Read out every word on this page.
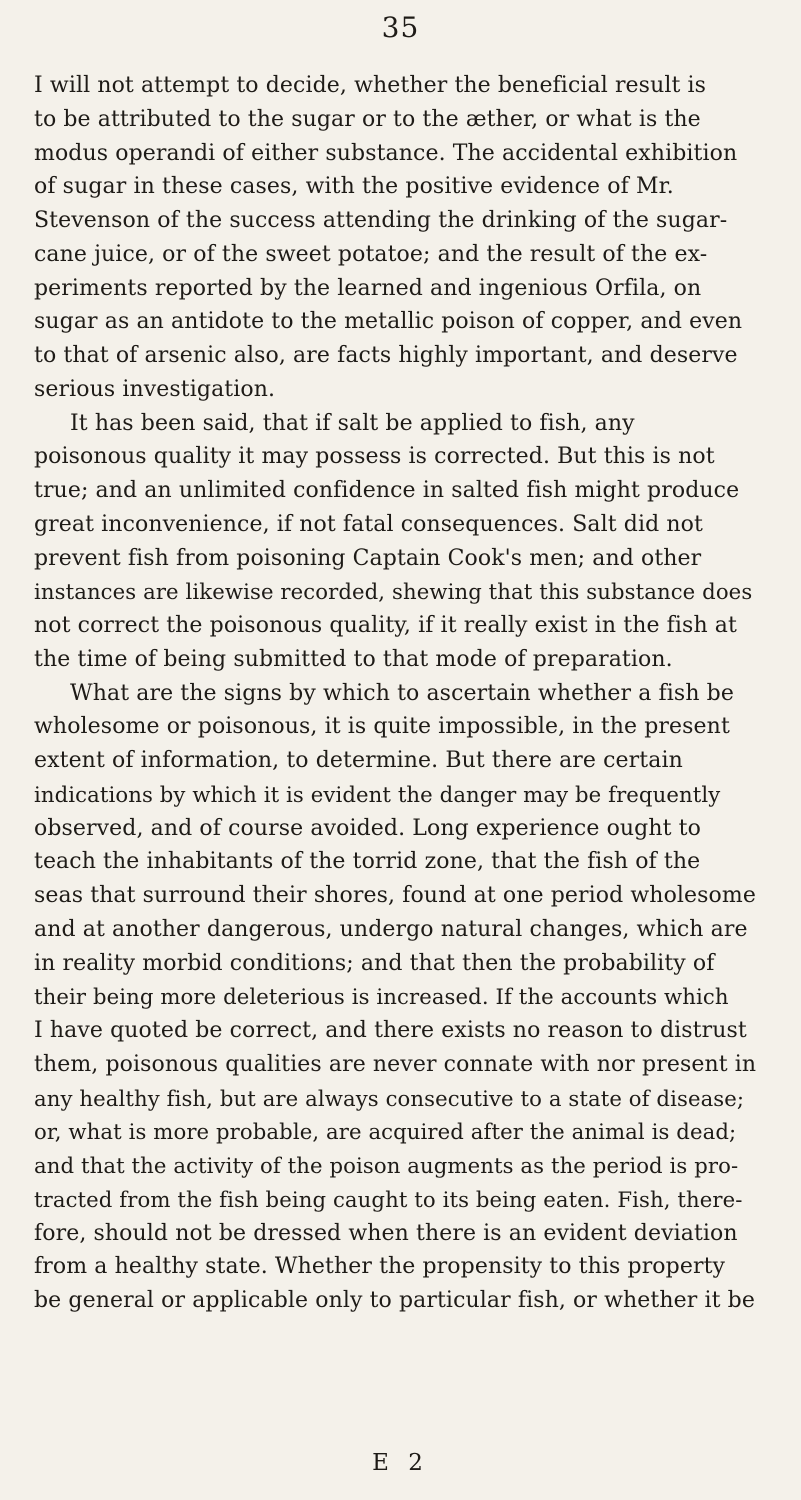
35
I will not attempt to decide, whether the beneficial result is
to be attributed to the sugar or to the æther, or what is the
modus operandi of either substance. The accidental exhibition
of sugar in these cases, with the positive evidence of Mr.
Stevenson of the success attending the drinking of the sugar-
cane juice, or of the sweet potatoe; and the result of the ex-
periments reported by the learned and ingenious Orfila, on
sugar as an antidote to the metallic poison of copper, and even
to that of arsenic also, are facts highly important, and deserve
serious investigation.
It has been said, that if salt be applied to fish, any
poisonous quality it may possess is corrected. But this is not
true; and an unlimited confidence in salted fish might produce
great inconvenience, if not fatal consequences. Salt did not
prevent fish from poisoning Captain Cook's men; and other
instances are likewise recorded, shewing that this substance does
not correct the poisonous quality, if it really exist in the fish at
the time of being submitted to that mode of preparation.
What are the signs by which to ascertain whether a fish be
wholesome or poisonous, it is quite impossible, in the present
extent of information, to determine. But there are certain
indications by which it is evident the danger may be frequently
observed, and of course avoided. Long experience ought to
teach the inhabitants of the torrid zone, that the fish of the
seas that surround their shores, found at one period wholesome
and at another dangerous, undergo natural changes, which are
in reality morbid conditions; and that then the probability of
their being more deleterious is increased. If the accounts which
I have quoted be correct, and there exists no reason to distrust
them, poisonous qualities are never connate with nor present in
any healthy fish, but are always consecutive to a state of disease;
or, what is more probable, are acquired after the animal is dead;
and that the activity of the poison augments as the period is pro-
tracted from the fish being caught to its being eaten. Fish, there-
fore, should not be dressed when there is an evident deviation
from a healthy state. Whether the propensity to this property
be general or applicable only to particular fish, or whether it be
E 2
